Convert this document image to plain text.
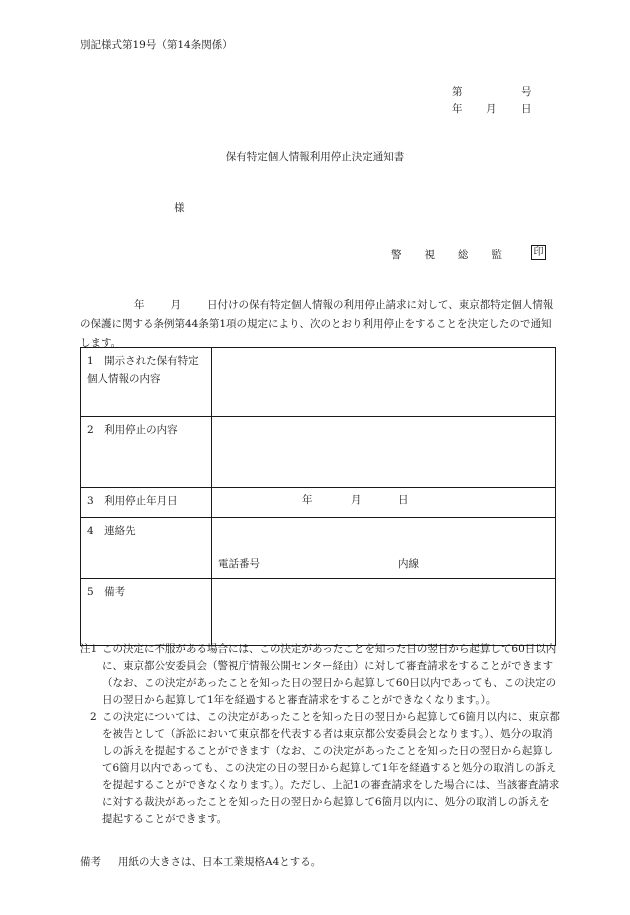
別記様式第19号（第14条関係）
第	号
年 月 日
保有特定個人情報利用停止決定通知書
様
警 視 総 監	印
年 月 日付けの保有特定個人情報の利用停止請求に対して、東京都特定個人情報の保護に関する条例第44条第1項の規定により、次のとおり利用停止をすることを決定したので通知します。
1　開示された保有特定個人情報の内容	
2　利用停止の内容	
3　利用停止年月日	年 月 日

4　連絡先	電話番号 内線

5　備考	
注1 この決定に不服がある場合には、この決定があったことを知った日の翌日から起算して60日以内に、東京都公安委員会（警視庁情報公開センター経由）に対して審査請求をすることができます（なお、この決定があったことを知った日の翌日から起算して60日以内であっても、この決定の日の翌日から起算して1年を経過すると審査請求をすることができなくなります。）。
2 この決定については、この決定があったことを知った日の翌日から起算して6箇月以内に、東京都を被告として（訴訟において東京都を代表する者は東京都公安委員会となります。）、処分の取消しの訴えを提起することができます（なお、この決定があったことを知った日の翌日から起算して6箇月以内であっても、この決定の日の翌日から起算して1年を経過すると処分の取消しの訴えを提起することができなくなります。）。ただし、上記1の審査請求をした場合には、当該審査請求に対する裁決があったことを知った日の翌日から起算して6箇月以内に、処分の取消しの訴えを提起することができます。
備考 用紙の大きさは、日本工業規格A4とする。
